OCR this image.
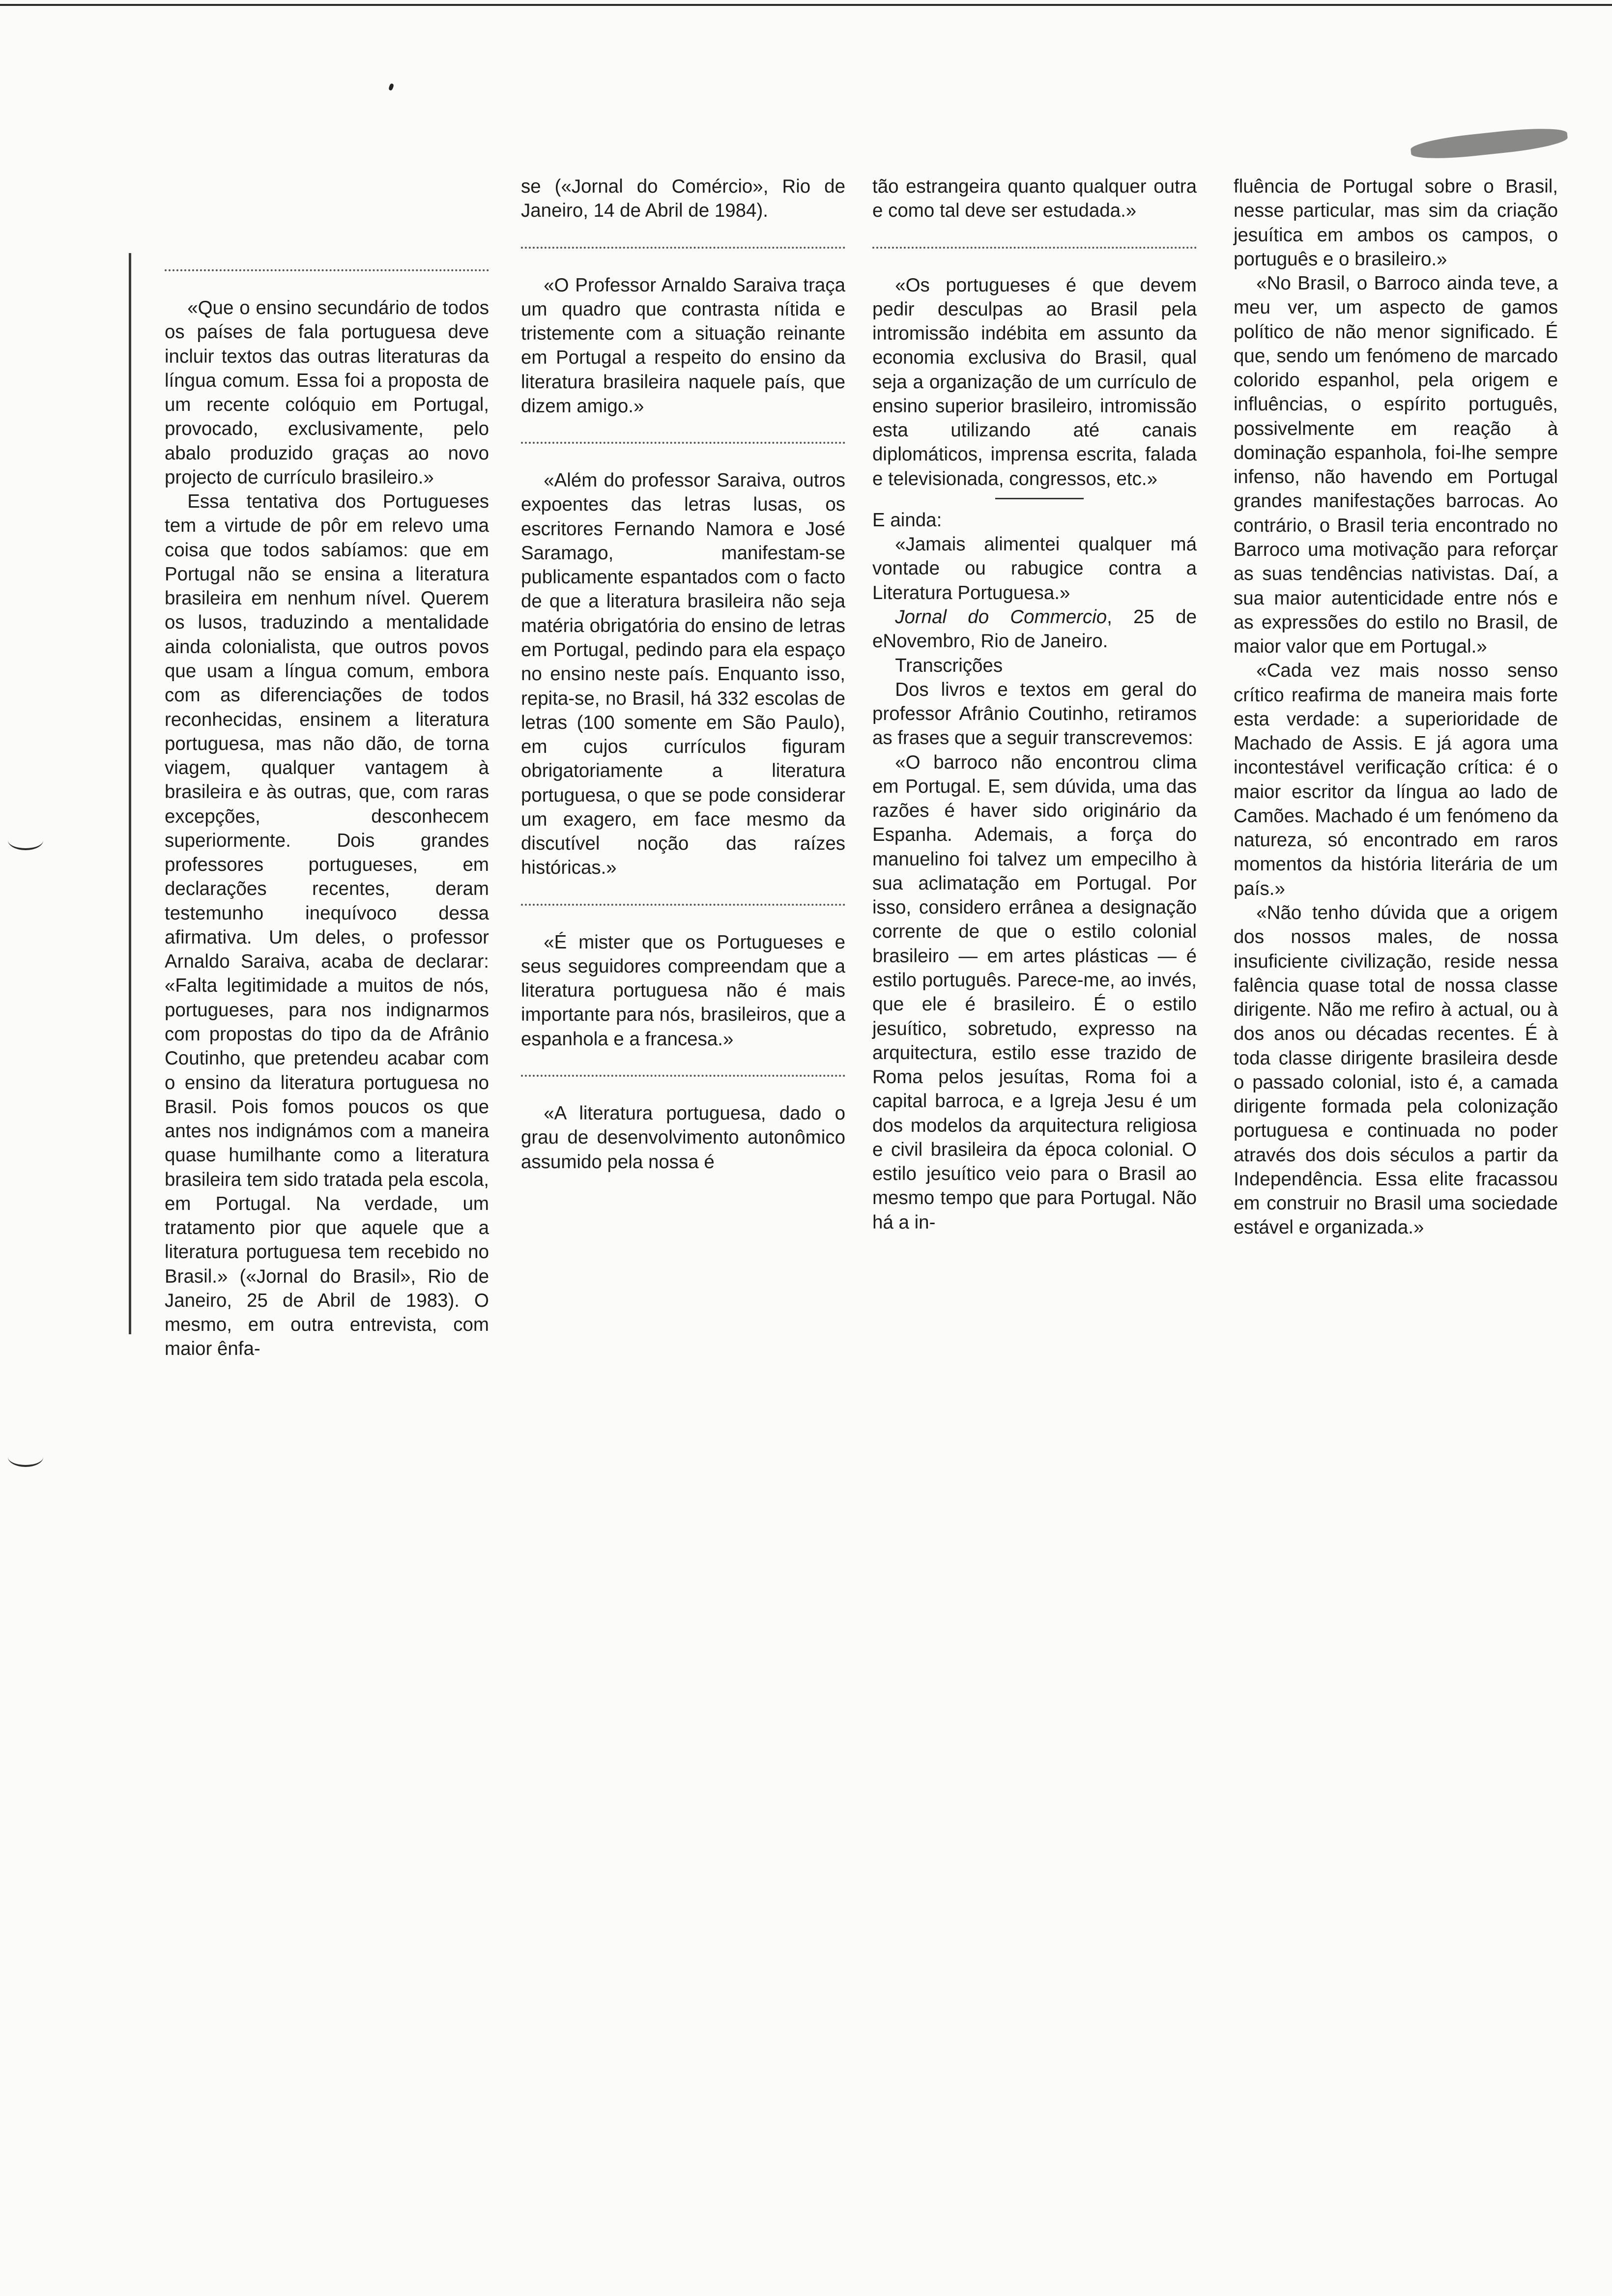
«Que o ensino secundário de todos os países de fala portuguesa deve incluir textos das outras literaturas da língua comum. Essa foi a proposta de um recente colóquio em Portugal, provocado, exclusivamente, pelo abalo produzido graças ao novo projecto de currículo brasileiro.»

Essa tentativa dos Portugueses tem a virtude de pôr em relevo uma coisa que todos sabíamos: que em Portugal não se ensina a literatura brasileira em nenhum nível. Querem os lusos, traduzindo a mentalidade ainda colonialista, que outros povos que usam a língua comum, embora com as diferenciações de todos reconhecidas, ensinem a literatura portuguesa, mas não dão, de torna viagem, qualquer vantagem à brasileira e às outras, que, com raras excepções, desconhecem superiormente. Dois grandes professores portugueses, em declarações recentes, deram testemunho inequívoco dessa afirmativa. Um deles, o professor Arnaldo Saraiva, acaba de declarar: «Falta legitimidade a muitos de nós, portugueses, para nos indignarmos com propostas do tipo da de Afrânio Coutinho, que pretendeu acabar com o ensino da literatura portuguesa no Brasil. Pois fomos poucos os que antes nos indignámos com a maneira quase humilhante como a literatura brasileira tem sido tratada pela escola, em Portugal. Na verdade, um tratamento pior que aquele que a literatura portuguesa tem recebido no Brasil.» («Jornal do Brasil», Rio de Janeiro, 25 de Abril de 1983). O mesmo, em outra entrevista, com maior ênfa-

se («Jornal do Comércio», Rio de Janeiro, 14 de Abril de 1984).

«O Professor Arnaldo Saraiva traça um quadro que contrasta nítida e tristemente com a situação reinante em Portugal a respeito do ensino da literatura brasileira naquele país, que dizem amigo.»

«Além do professor Saraiva, outros expoentes das letras lusas, os escritores Fernando Namora e José Saramago, manifestam-se publicamente espantados com o facto de que a literatura brasileira não seja matéria obrigatória do ensino de letras em Portugal, pedindo para ela espaço no ensino neste país. Enquanto isso, repita-se, no Brasil, há 332 escolas de letras (100 somente em São Paulo), em cujos currículos figuram obrigatoriamente a literatura portuguesa, o que se pode considerar um exagero, em face mesmo da discutível noção das raízes históricas.»

«É mister que os Portugueses e seus seguidores compreendam que a literatura portuguesa não é mais importante para nós, brasileiros, que a espanhola e a francesa.»

«A literatura portuguesa, dado o grau de desenvolvimento autonômico assumido pela nossa é

tão estrangeira quanto qualquer outra e como tal deve ser estudada.»

«Os portugueses é que devem pedir desculpas ao Brasil pela intromissão indébita em assunto da economia exclusiva do Brasil, qual seja a organização de um currículo de ensino superior brasileiro, intromissão esta utilizando até canais diplomáticos, imprensa escrita, falada e televisionada, congressos, etc.»

E ainda:

«Jamais alimentei qualquer má vontade ou rabugice contra a Literatura Portuguesa.»

Jornal do Commercio, 25 de eNovembro, Rio de Janeiro.

Transcrições

Dos livros e textos em geral do professor Afrânio Coutinho, retiramos as frases que a seguir transcrevemos:

«O barroco não encontrou clima em Portugal. E, sem dúvida, uma das razões é haver sido originário da Espanha. Ademais, a força do manuelino foi talvez um empecilho à sua aclimatação em Portugal. Por isso, considero errânea a designação corrente de que o estilo colonial brasileiro — em artes plásticas — é estilo português. Parece-me, ao invés, que ele é brasileiro. É o estilo jesuítico, sobretudo, expresso na arquitectura, estilo esse trazido de Roma pelos jesuítas, Roma foi a capital barroca, e a Igreja Jesu é um dos modelos da arquitectura religiosa e civil brasileira da época colonial. O estilo jesuítico veio para o Brasil ao mesmo tempo que para Portugal. Não há a in-

fluência de Portugal sobre o Brasil, nesse particular, mas sim da criação jesuítica em ambos os campos, o português e o brasileiro.»

«No Brasil, o Barroco ainda teve, a meu ver, um aspecto de gamos político de não menor significado. É que, sendo um fenómeno de marcado colorido espanhol, pela origem e influências, o espírito português, possivelmente em reação à dominação espanhola, foi-lhe sempre infenso, não havendo em Portugal grandes manifestações barrocas. Ao contrário, o Brasil teria encontrado no Barroco uma motivação para reforçar as suas tendências nativistas. Daí, a sua maior autenticidade entre nós e as expressões do estilo no Brasil, de maior valor que em Portugal.»

«Cada vez mais nosso senso crítico reafirma de maneira mais forte esta verdade: a superioridade de Machado de Assis. E já agora uma incontestável verificação crítica: é o maior escritor da língua ao lado de Camões. Machado é um fenómeno da natureza, só encontrado em raros momentos da história literária de um país.»

«Não tenho dúvida que a origem dos nossos males, de nossa insuficiente civilização, reside nessa falência quase total de nossa classe dirigente. Não me refiro à actual, ou à dos anos ou décadas recentes. É à toda classe dirigente brasileira desde o passado colonial, isto é, a camada dirigente formada pela colonização portuguesa e continuada no poder através dos dois séculos a partir da Independência. Essa elite fracassou em construir no Brasil uma sociedade estável e organizada.»
